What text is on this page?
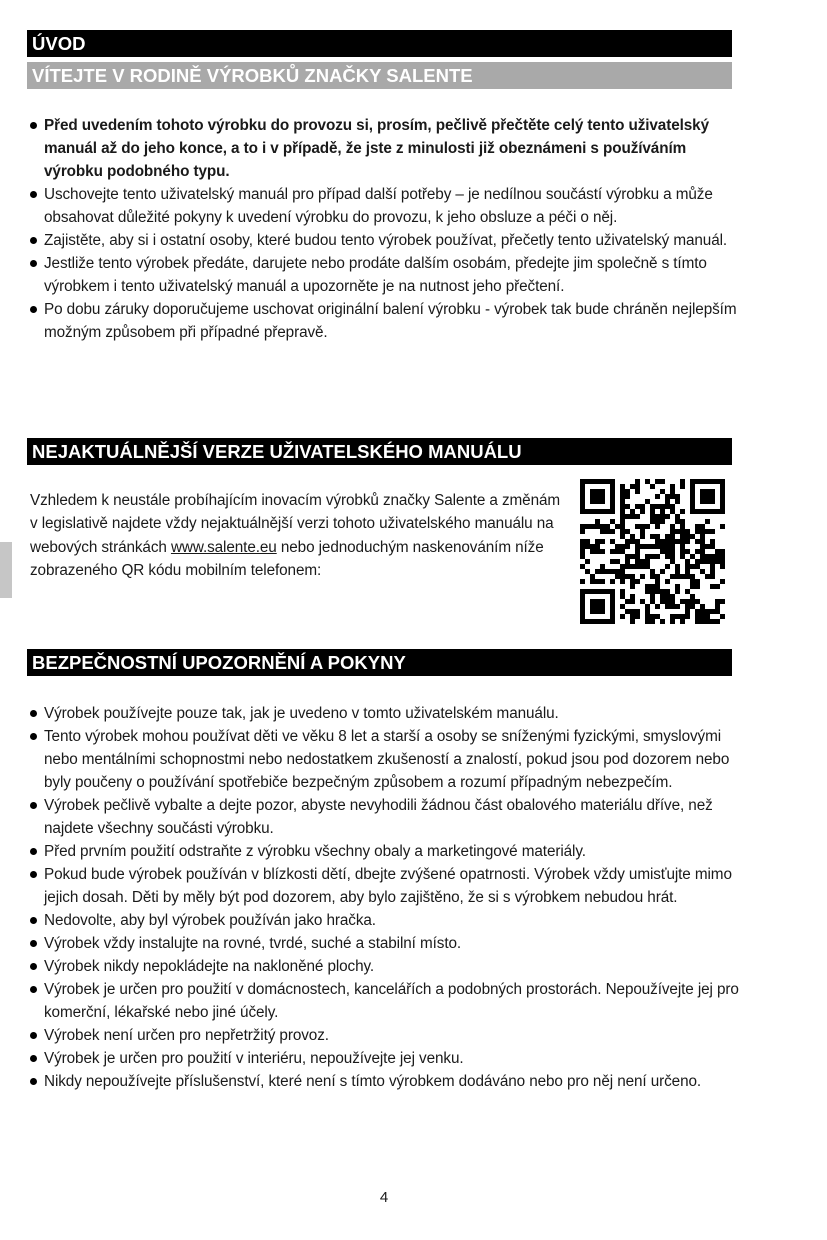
ÚVOD
VÍTEJTE V RODINĚ VÝROBKŮ ZNAČKY SALENTE
Před uvedením tohoto výrobku do provozu si, prosím, pečlivě přečtěte celý tento uživatelský manuál až do jeho konce, a to i v případě, že jste z minulosti již obeznámeni s používáním výrobku podobného typu.
Uschovejte tento uživatelský manuál pro případ další potřeby – je nedílnou součástí výrobku a může obsahovat důležité pokyny k uvedení výrobku do provozu, k jeho obsluze a péči o něj.
Zajistěte, aby si i ostatní osoby, které budou tento výrobek používat, přečetly tento uživatelský manuál.
Jestliže tento výrobek předáte, darujete nebo prodáte dalším osobám, předejte jim společně s tímto výrobkem i tento uživatelský manuál a upozorněte je na nutnost jeho přečtení.
Po dobu záruky doporučujeme uschovat originální balení výrobku - výrobek tak bude chráněn nejlepším možným způsobem při případné přepravě.
NEJAKTUÁLNĚJŠÍ VERZE UŽIVATELSKÉHO MANUÁLU

Vzhledem k neustále probíhajícím inovacím výrobků značky Salente a změnám v legislativě najdete vždy nejaktuálnější verzi tohoto uživatelského manuálu na webových stránkách www.salente.eu nebo jednoduchým naskenováním níže zobrazeného QR kódu mobilním telefonem:

BEZPEČNOSTNÍ UPOZORNĚNÍ A POKYNY
Výrobek používejte pouze tak, jak je uvedeno v tomto uživatelském manuálu.
Tento výrobek mohou používat děti ve věku 8 let a starší a osoby se sníženými fyzickými, smyslovými nebo mentálními schopnostmi nebo nedostatkem zkušeností a znalostí, pokud jsou pod dozorem nebo byly poučeny o používání spotřebiče bezpečným způsobem a rozumí případným nebezpečím.
Výrobek pečlivě vybalte a dejte pozor, abyste nevyhodili žádnou část obalového materiálu dříve, než najdete všechny součásti výrobku.
Před prvním použití odstraňte z výrobku všechny obaly a marketingové materiály.
Pokud bude výrobek používán v blízkosti dětí, dbejte zvýšené opatrnosti. Výrobek vždy umisťujte mimo jejich dosah. Děti by měly být pod dozorem, aby bylo zajištěno, že si s výrobkem nebudou hrát.
Nedovolte, aby byl výrobek používán jako hračka.
Výrobek vždy instalujte na rovné, tvrdé, suché a stabilní místo.
Výrobek nikdy nepokládejte na nakloněné plochy.
Výrobek je určen pro použití v domácnostech, kancelářích a podobných prostorách. Nepoužívejte jej pro komerční, lékařské nebo jiné účely.
Výrobek není určen pro nepřetržitý provoz.
Výrobek je určen pro použití v interiéru, nepoužívejte jej venku.
Nikdy nepoužívejte příslušenství, které není s tímto výrobkem dodáváno nebo pro něj není určeno.
4
